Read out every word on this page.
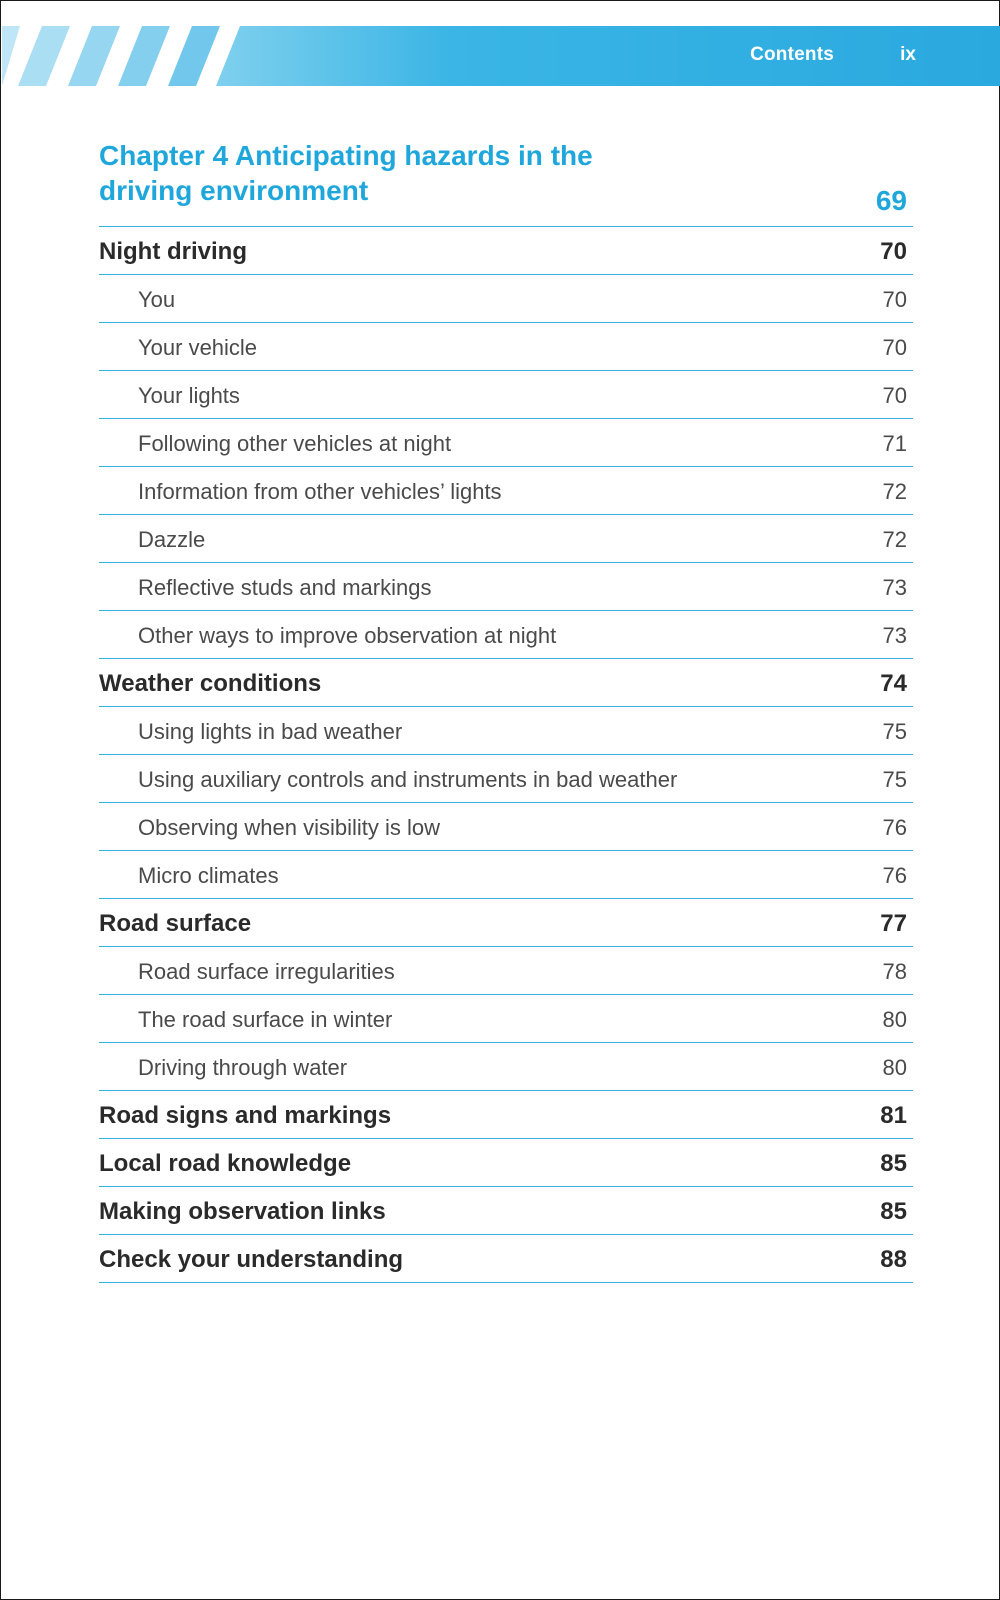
Contents	ix
Chapter 4 Anticipating hazards in the
driving environment	69
Night driving	70
You	70
Your vehicle	70
Your lights	70
Following other vehicles at night	71
Information from other vehicles’ lights	72
Dazzle	72
Reflective studs and markings	73
Other ways to improve observation at night	73
Weather conditions	74
Using lights in bad weather	75
Using auxiliary controls and instruments in bad weather	75
Observing when visibility is low	76
Micro climates	76
Road surface	77
Road surface irregularities	78
The road surface in winter	80
Driving through water	80
Road signs and markings	81
Local road knowledge	85
Making observation links	85
Check your understanding	88
